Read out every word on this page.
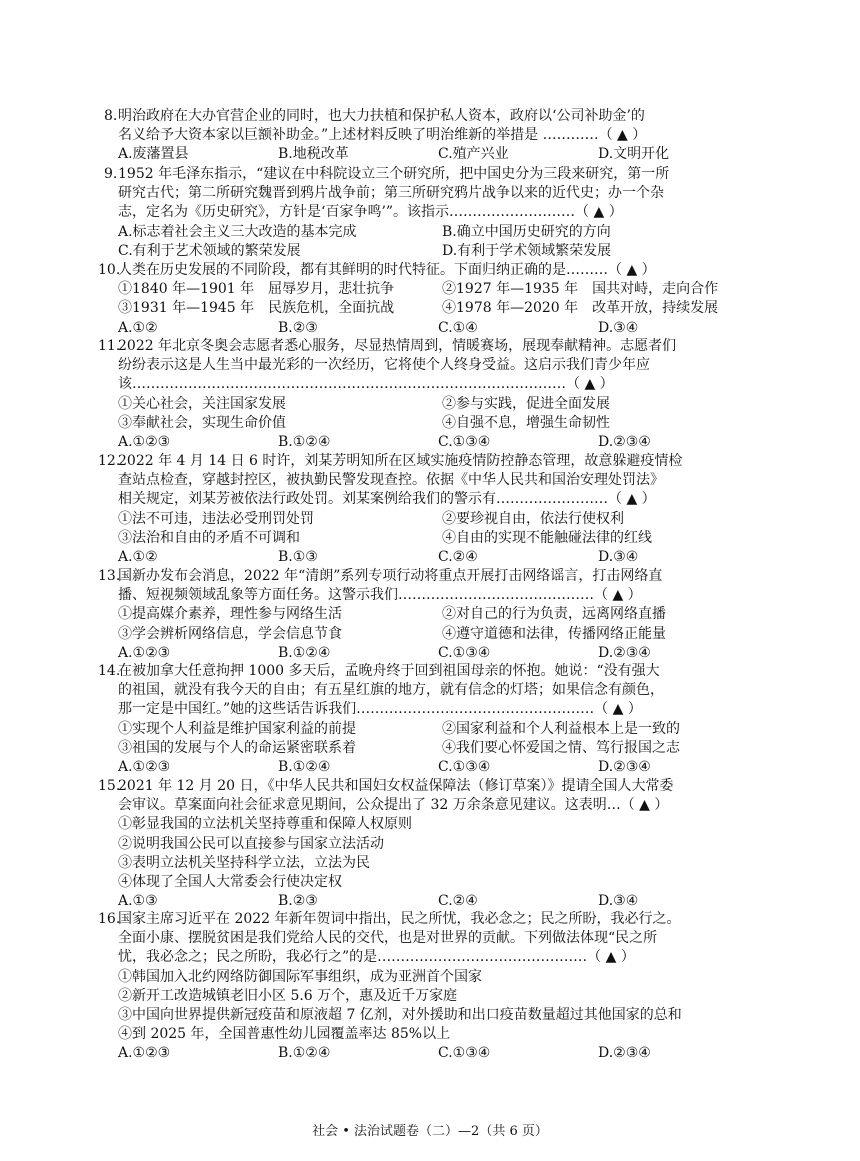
8. 明治政府在大办官营企业的同时，也大力扶植和保护私人资本，政府以‘公司补助金’的
名义给予大资本家以巨额补助金。”上述材料反映了明治维新的举措是 …………（ ▲ ）
A.废藩置县	B.地税改革	C.殖产兴业	D.文明开化
9. 1952 年毛泽东指示，“建议在中科院设立三个研究所，把中国史分为三段来研究，第一所
研究古代；第二所研究魏晋到鸦片战争前；第三所研究鸦片战争以来的近代史；办一个杂
志，定名为《历史研究》，方针是‘百家争鸣’”。该指示………………………（ ▲ ）
A.标志着社会主义三大改造的基本完成	B.确立中国历史研究的方向
C.有利于艺术领域的繁荣发展	D.有利于学术领域繁荣发展
10.
人类在历史发展的不同阶段，都有其鲜明的时代特征。下面归纳正确的是………（ ▲ ）
①1840 年—1901 年　屈辱岁月，悲壮抗争	②1927 年—1935 年　国共对峙，走向合作
③1931 年—1945 年　民族危机，全面抗战	④1978 年—2020 年　改革开放，持续发展
A.①②	B.②③	C.①④	D.③④
11.
2022 年北京冬奥会志愿者悉心服务，尽显热情周到，情暖赛场，展现奉献精神。志愿者们
纷纷表示这是人生当中最光彩的一次经历，它将使个人终身受益。这启示我们青少年应
该…………………………………………………………………………………（ ▲ ）
①关心社会，关注国家发展	②参与实践，促进全面发展
③奉献社会，实现生命价值	④自强不息，增强生命韧性
A.①②③	B.①②④	C.①③④	D.②③④
12.
2022 年 4 月 14 日 6 时许，刘某芳明知所在区域实施疫情防控静态管理，故意躲避疫情检
查站点检查，穿越封控区，被执勤民警发现查控。依据《中华人民共和国治安理处罚法》
相关规定，刘某芳被依法行政处罚。刘某案例给我们的警示有……………………（ ▲ ）
①法不可违，违法必受刑罚处罚	②要珍视自由，依法行使权利
③法治和自由的矛盾不可调和	④自由的实现不能触碰法律的红线
A.①②	B.①③	C.②④	D.③④
13.
国新办发布会消息，2022 年“清朗”系列专项行动将重点开展打击网络谣言，打击网络直
播、短视频领域乱象等方面任务。这警示我们……………………………………（ ▲ ）
①提高媒介素养，理性参与网络生活	②对自己的行为负责，远离网络直播
③学会辨析网络信息，学会信息节食	④遵守道德和法律，传播网络正能量
A.①②③	B.①②④	C.①③④	D.②③④
14.
在被加拿大任意拘押 1000 多天后，孟晚舟终于回到祖国母亲的怀抱。她说：“没有强大
的祖国，就没有我今天的自由；有五星红旗的地方，就有信念的灯塔；如果信念有颜色，
那一定是中国红。”她的这些话告诉我们……………………………………………（ ▲ ）
①实现个人利益是维护国家利益的前提	②国家利益和个人利益根本上是一致的
③祖国的发展与个人的命运紧密联系着	④我们要心怀爱国之情、笃行报国之志
A.①②③	B.①②④	C.①③④	D.②③④
15.
2021 年 12 月 20 日，《中华人民共和国妇女权益保障法（修订草案）》提请全国人大常委
会审议。草案面向社会征求意见期间，公众提出了 32 万余条意见建议。这表明…（ ▲ ）
①彰显我国的立法机关坚持尊重和保障人权原则
②说明我国公民可以直接参与国家立法活动
③表明立法机关坚持科学立法，立法为民
④体现了全国人大常委会行使决定权
A.①③	B.②③	C.②④	D.③④
16.
国家主席习近平在 2022 年新年贺词中指出，民之所忧，我必念之；民之所盼，我必行之。
全面小康、摆脱贫困是我们党给人民的交代，也是对世界的贡献。下列做法体现“民之所
忧，我必念之；民之所盼，我必行之”的是………………………………………（ ▲ ）
①韩国加入北约网络防御国际军事组织，成为亚洲首个国家
②新开工改造城镇老旧小区 5.6 万个，惠及近千万家庭
③中国向世界提供新冠疫苗和原液超 7 亿剂，对外援助和出口疫苗数量超过其他国家的总和
④到 2025 年，全国普惠性幼儿园覆盖率达 85%以上
A.①②③	B.①②④	C.①③④	D.②③④
社会 • 法治试题卷（二）—2（共 6 页）
